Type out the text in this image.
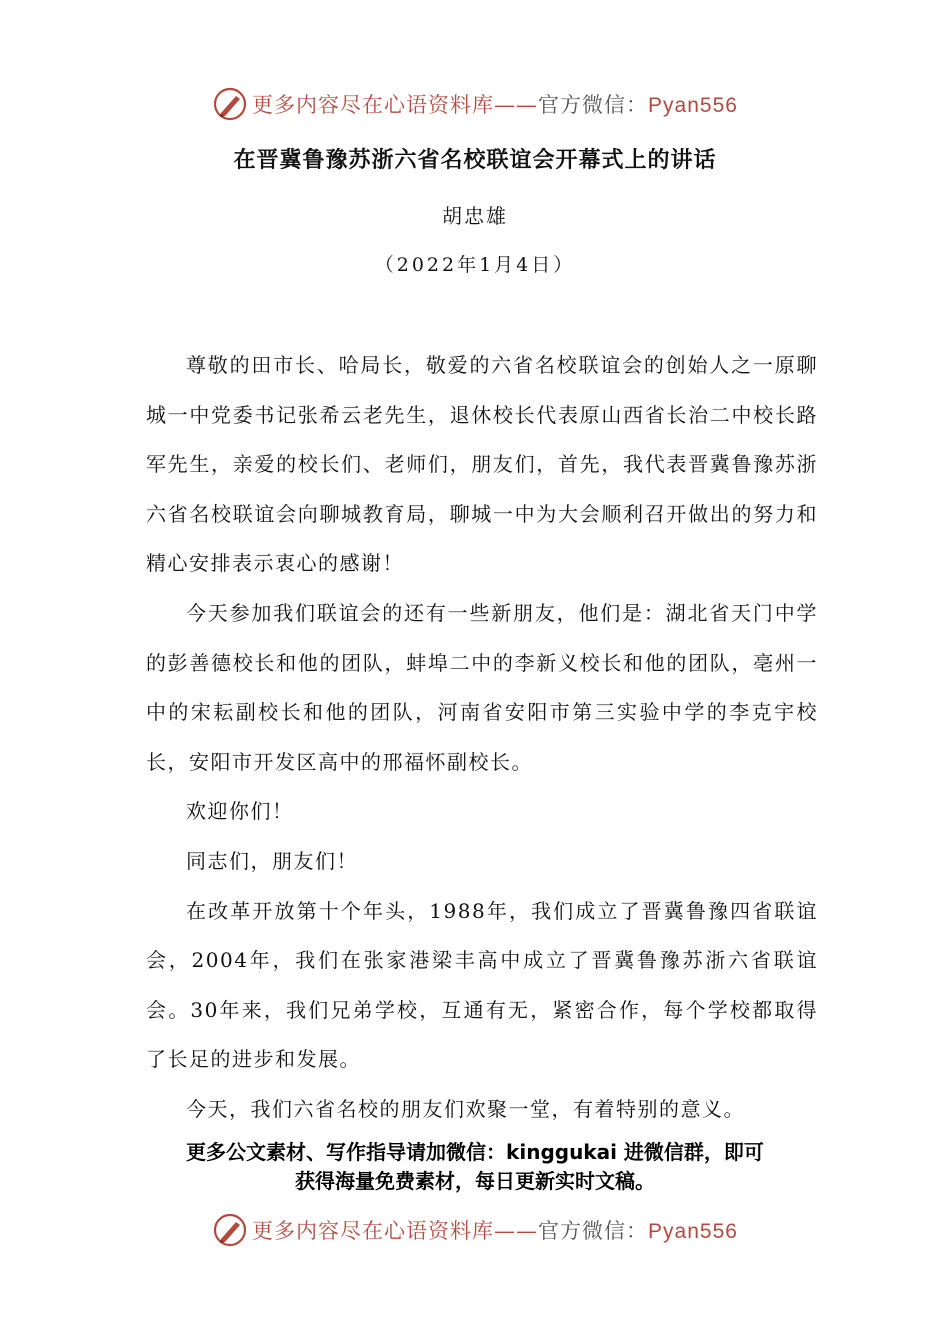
更多内容尽在心语资料库——官方微信：Pyan556
在晋冀鲁豫苏浙六省名校联谊会开幕式上的讲话
胡忠雄
（2022年1月4日）

尊敬的田市长、哈局长，敬爱的六省名校联谊会的创始人之一原聊城一中党委书记张希云老先生，退休校长代表原山西省长治二中校长路军先生，亲爱的校长们、老师们，朋友们，首先，我代表晋冀鲁豫苏浙六省名校联谊会向聊城教育局，聊城一中为大会顺利召开做出的努力和精心安排表示衷心的感谢！

今天参加我们联谊会的还有一些新朋友，他们是：湖北省天门中学的彭善德校长和他的团队，蚌埠二中的李新义校长和他的团队，亳州一中的宋耘副校长和他的团队，河南省安阳市第三实验中学的李克宇校长，安阳市开发区高中的邢福怀副校长。

欢迎你们！

同志们，朋友们！

在改革开放第十个年头，1988年，我们成立了晋冀鲁豫四省联谊会，2004年，我们在张家港梁丰高中成立了晋冀鲁豫苏浙六省联谊会。30年来，我们兄弟学校，互通有无，紧密合作，每个学校都取得了长足的进步和发展。

今天，我们六省名校的朋友们欢聚一堂，有着特别的意义。

更多公文素材、写作指导请加微信：kinggukai 进微信群，即可
获得海量免费素材，每日更新实时文稿。
更多内容尽在心语资料库——官方微信：Pyan556
